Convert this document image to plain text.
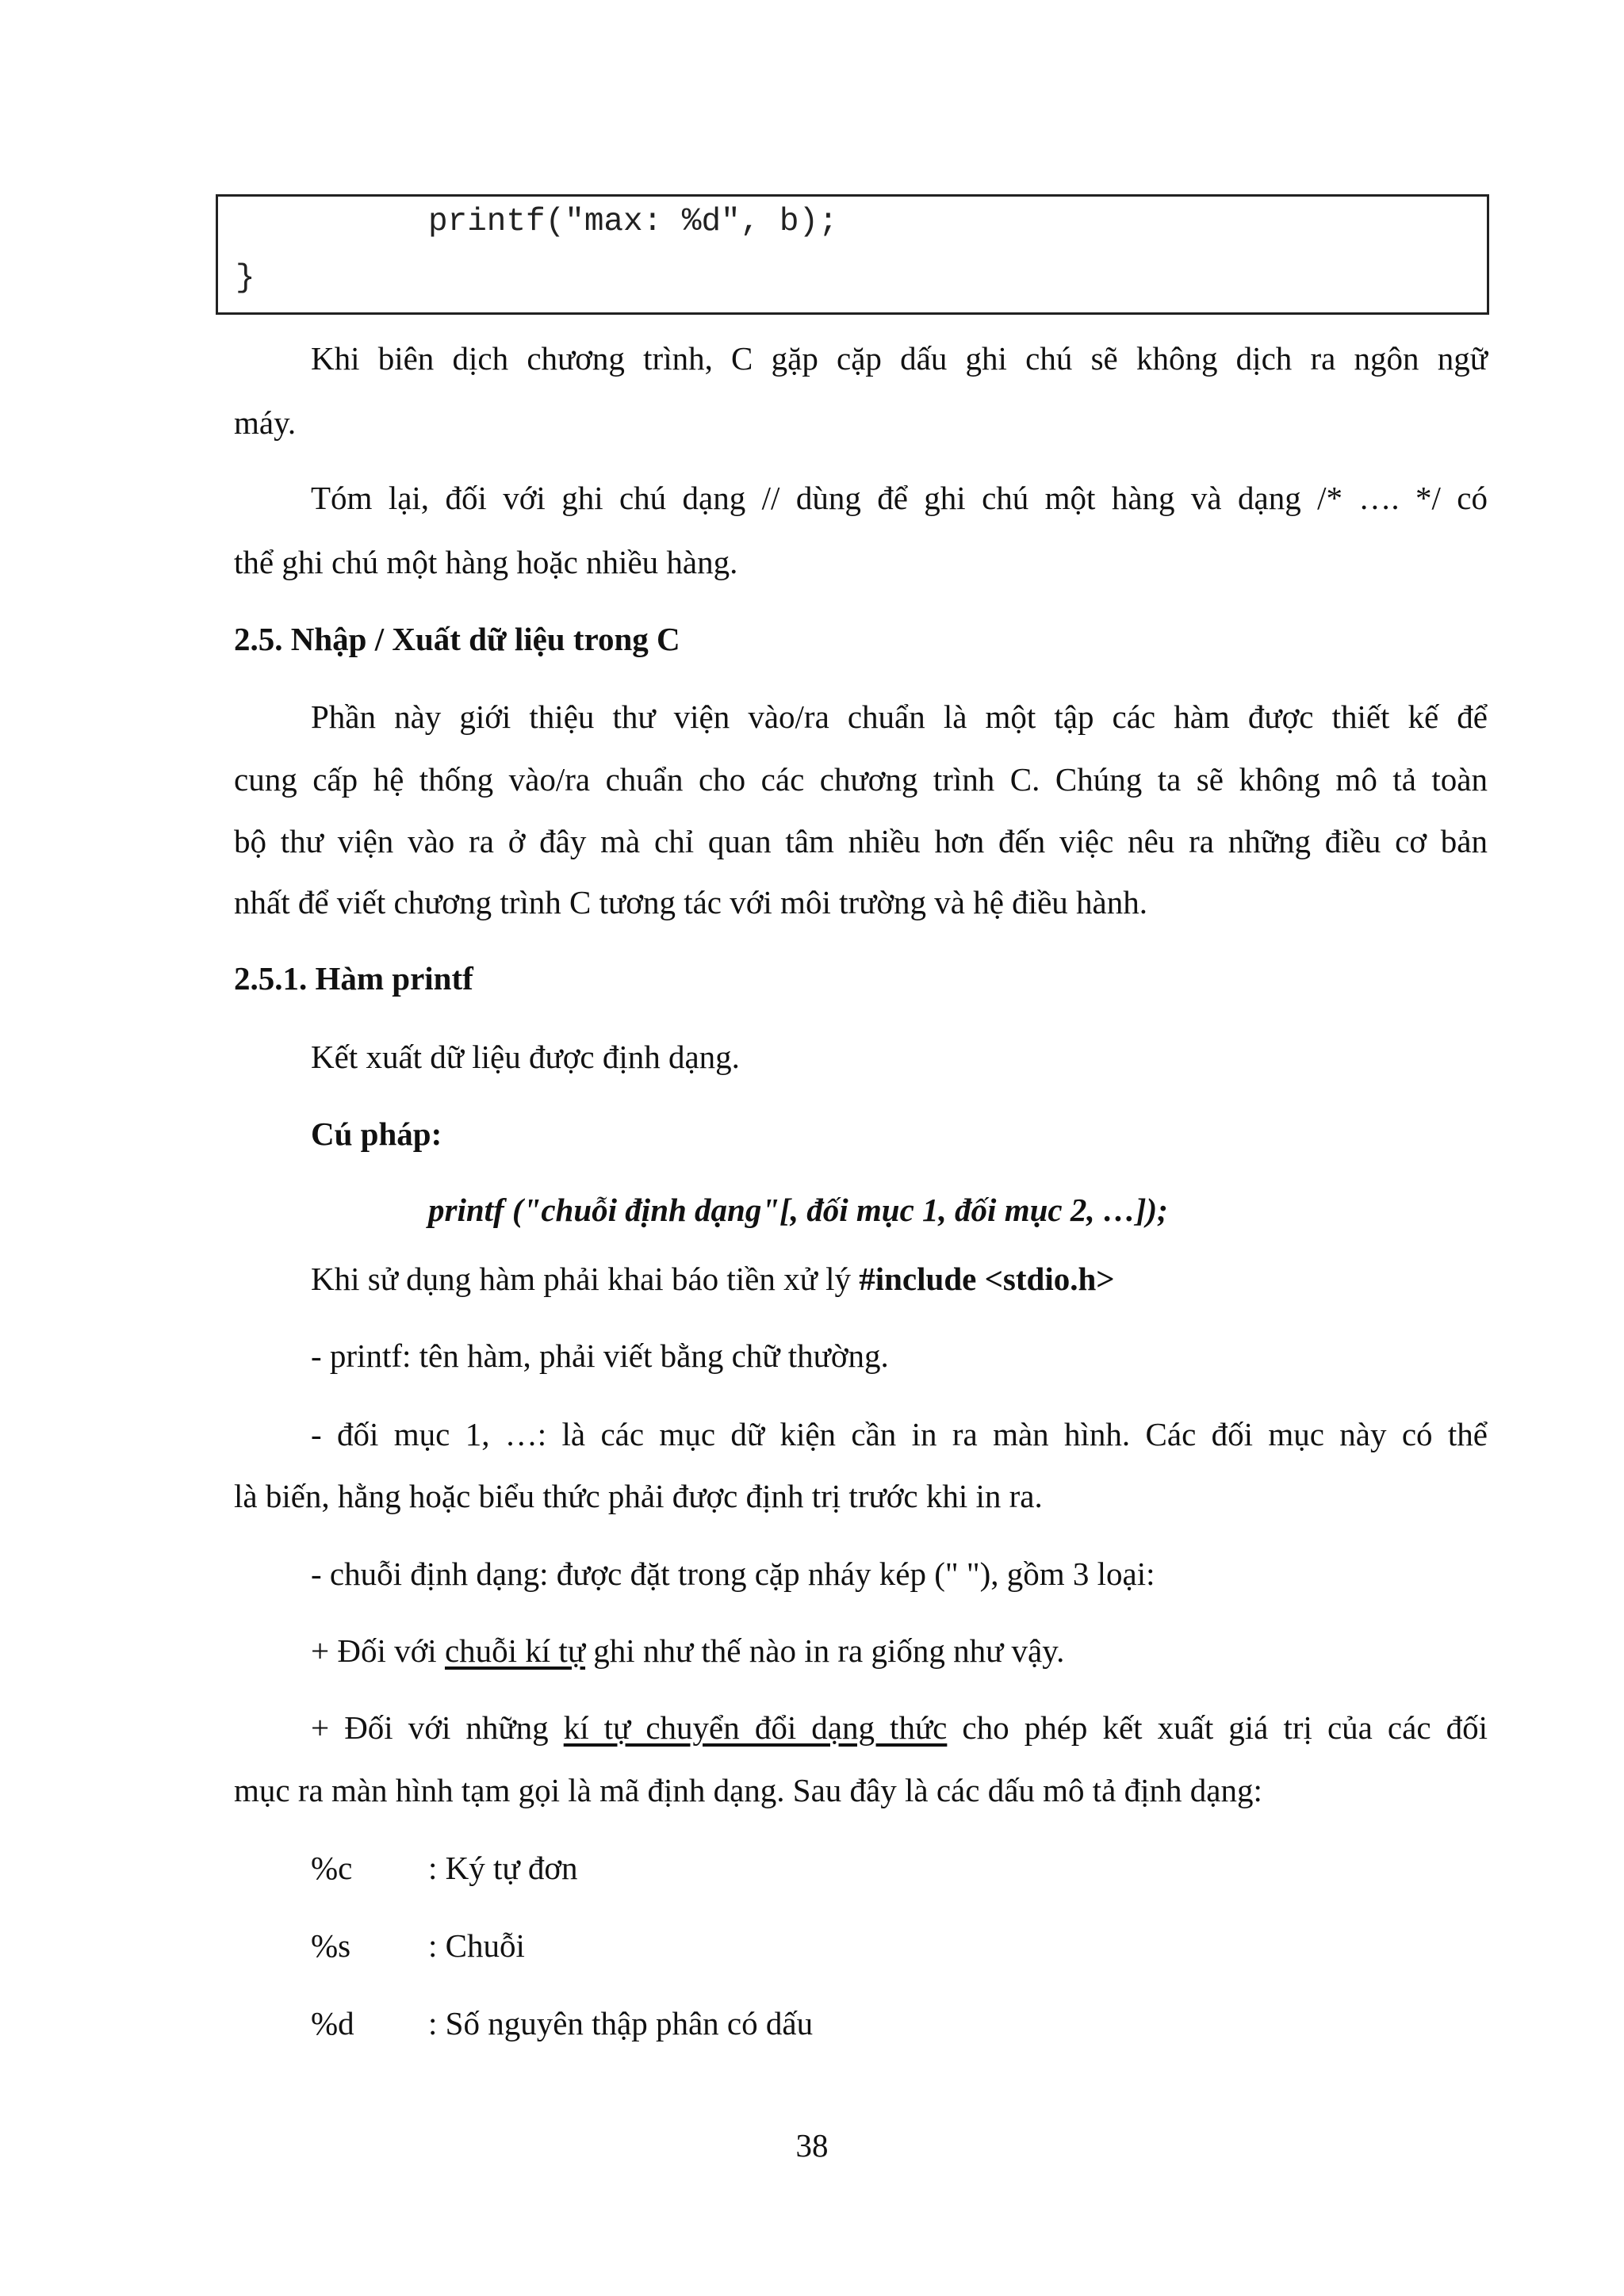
printf("max: %d", b);
}
Khi biên dịch chương trình, C gặp cặp dấu ghi chú sẽ không dịch ra ngôn ngữ
máy.
Tóm lại, đối với ghi chú dạng // dùng để ghi chú một hàng và dạng /* …. */ có
thể ghi chú một hàng hoặc nhiều hàng.
2.5. Nhập / Xuất dữ liệu trong C
Phần này giới thiệu thư viện vào/ra chuẩn là một tập các hàm được thiết kế để
cung cấp hệ thống vào/ra chuẩn cho các chương trình C. Chúng ta sẽ không mô tả toàn
bộ thư viện vào ra ở đây mà chỉ quan tâm nhiều hơn đến việc nêu ra những điều cơ bản
nhất để viết chương trình C tương tác với môi trường và hệ điều hành.
2.5.1. Hàm printf
Kết xuất dữ liệu được định dạng.
Cú pháp:
printf ("chuỗi định dạng"[, đối mục 1, đối mục 2, …]);
Khi sử dụng hàm phải khai báo tiền xử lý #include <stdio.h>
- printf: tên hàm, phải viết bằng chữ thường.
- đối mục 1, …: là các mục dữ kiện cần in ra màn hình. Các đối mục này có thể
là biến, hằng hoặc biểu thức phải được định trị trước khi in ra.
- chuỗi định dạng: được đặt trong cặp nháy kép (" "), gồm 3 loại:
+ Đối với chuỗi kí tự ghi như thế nào in ra giống như vậy.
+ Đối với những kí tự chuyển đổi dạng thức cho phép kết xuất giá trị của các đối
mục ra màn hình tạm gọi là mã định dạng. Sau đây là các dấu mô tả định dạng:
%c : Ký tự đơn
%s : Chuỗi
%d : Số nguyên thập phân có dấu
38
